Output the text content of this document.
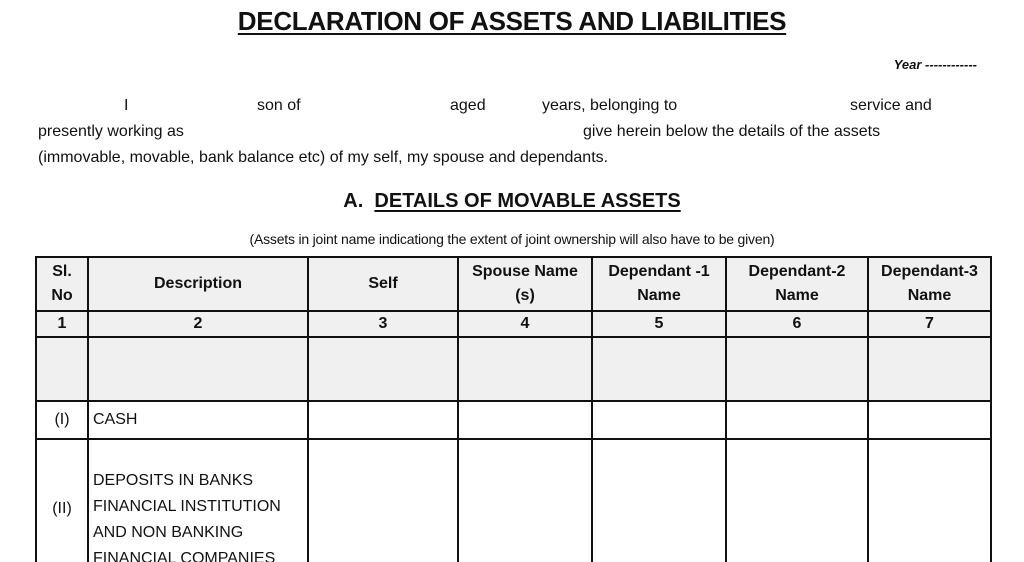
DECLARATION OF ASSETS AND LIABILITIES
Year ------------
I	son of	aged	years, belonging to	service and
presently working as	give herein below the details of the assets
(immovable, movable, bank balance etc) of my self, my spouse and dependants.
A. DETAILS OF MOVABLE ASSETS
(Assets in joint name indicationg the extent of joint ownership will also have to be given)
Sl. No	Description	Self	Spouse Name (s)	Dependant -1 Name	Dependant-2 Name	Dependant-3 Name
1	2	3	4	5	6	7

(I)	CASH					
(II)	DEPOSITS IN BANKS
FINANCIAL INSTITUTION
AND NON BANKING
FINANCIAL COMPANIES					
